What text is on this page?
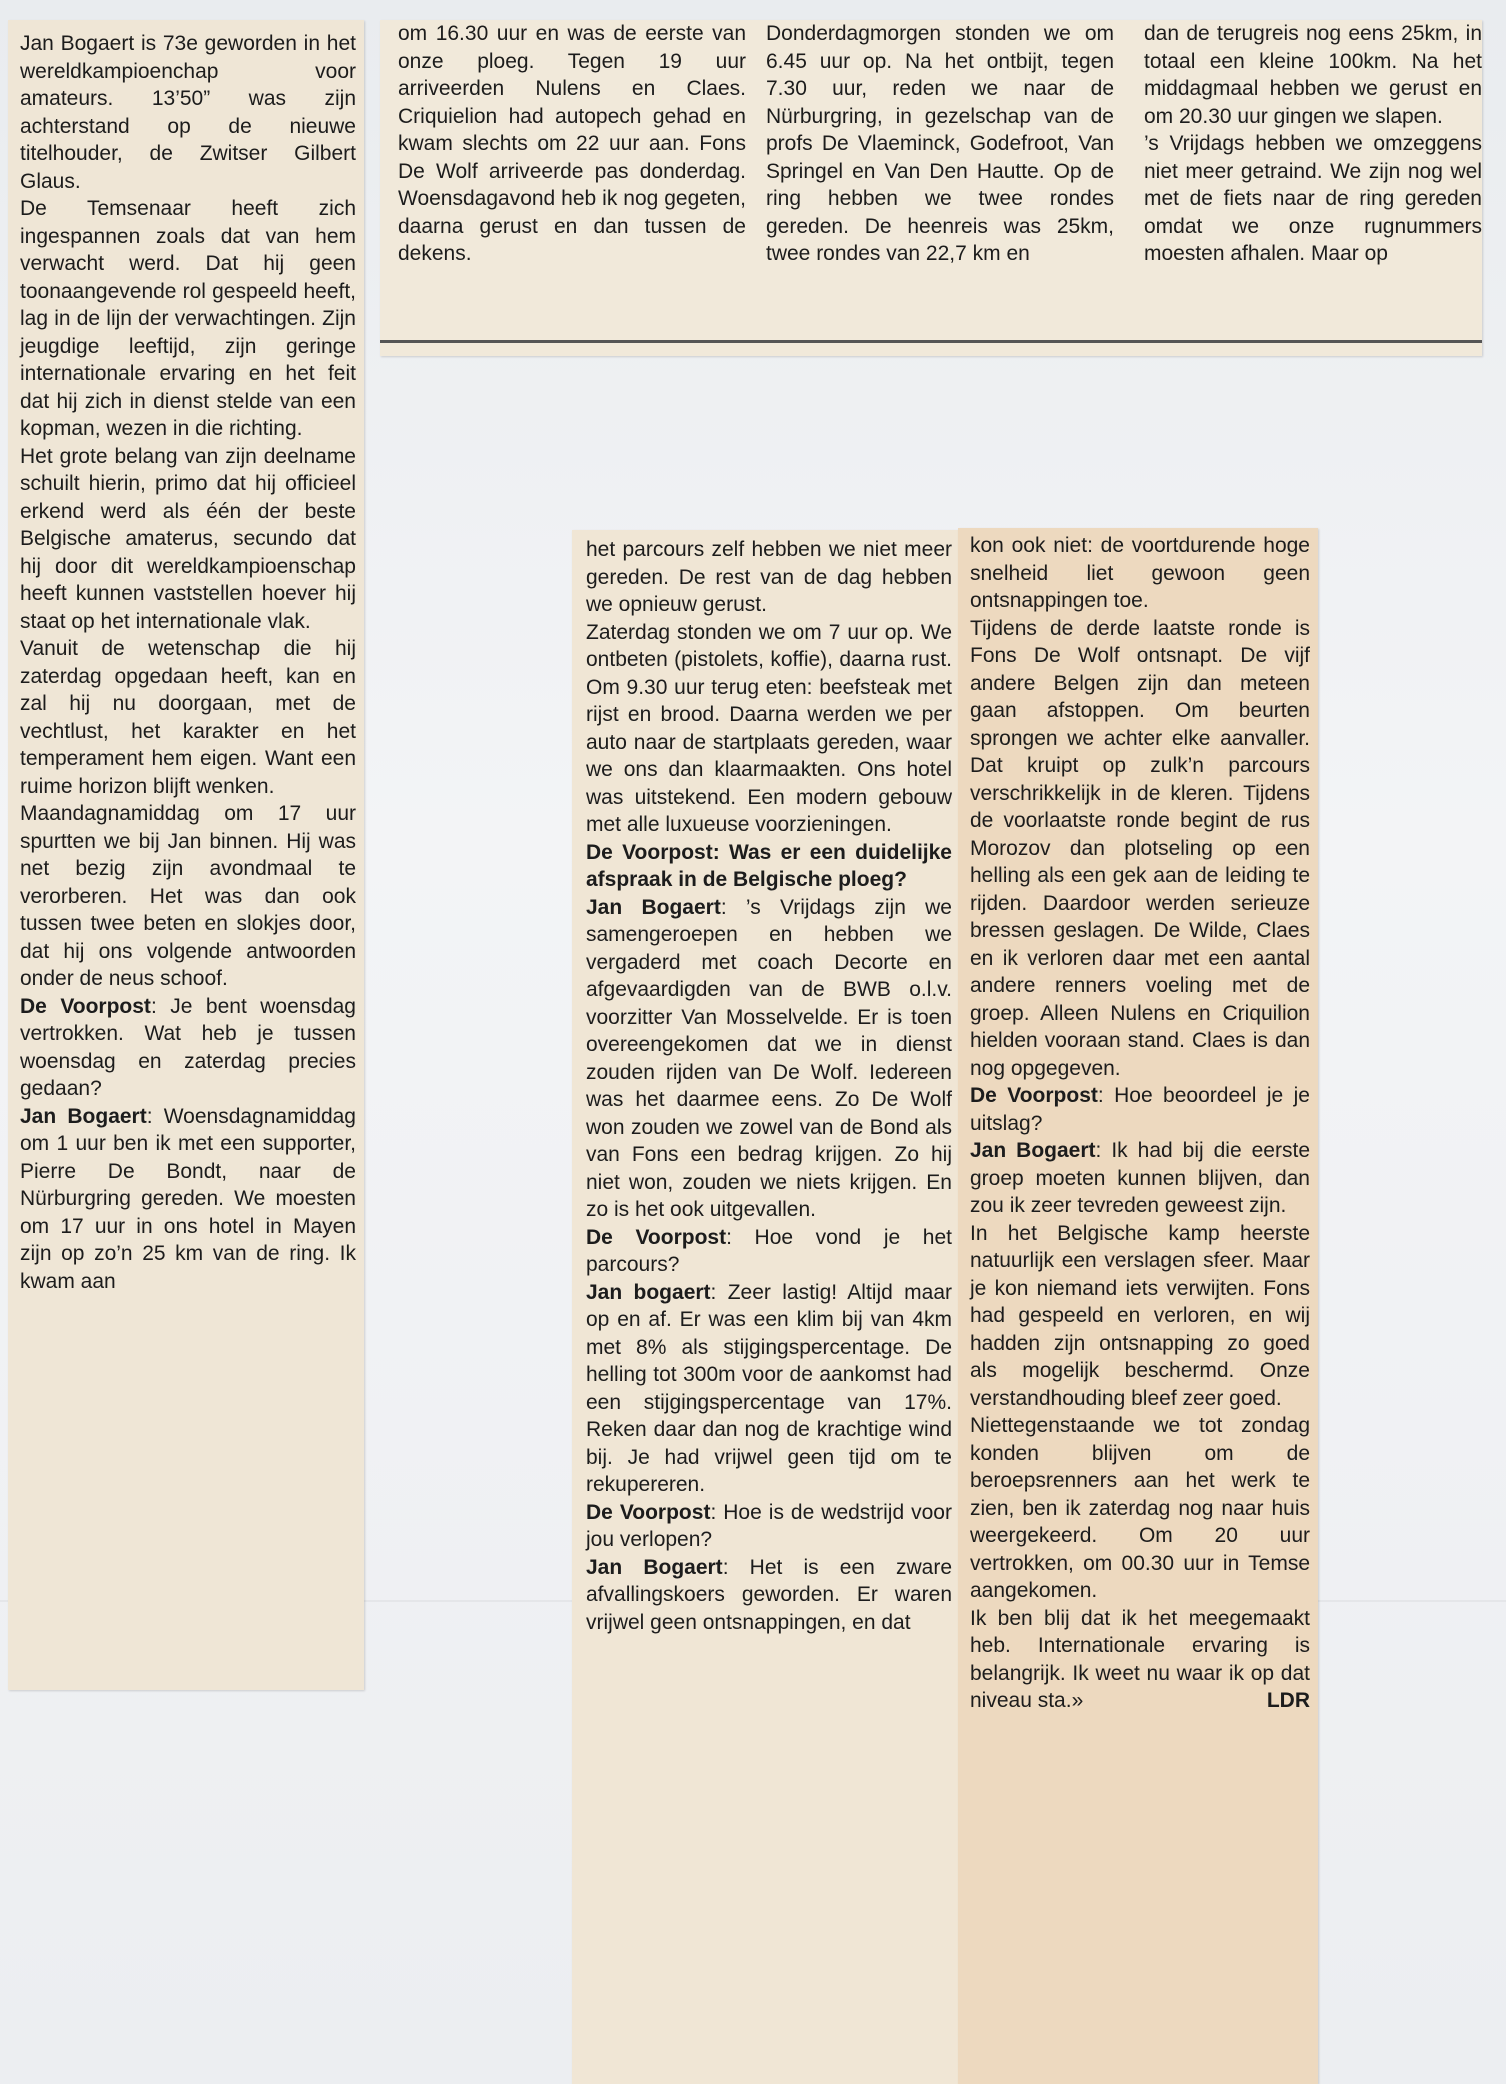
Jan Bogaert is 73e geworden in het wereldkampioenchap voor amateurs. 13’50” was zijn achterstand op de nieuwe titelhouder, de Zwitser Gilbert Glaus.

De Temsenaar heeft zich ingespannen zoals dat van hem verwacht werd. Dat hij geen toonaangevende rol gespeeld heeft, lag in de lijn der verwachtingen. Zijn jeugdige leeftijd, zijn geringe internationale ervaring en het feit dat hij zich in dienst stelde van een kopman, wezen in die richting.

Het grote belang van zijn deelname schuilt hierin, primo dat hij officieel erkend werd als één der beste Belgische amaterus, secundo dat hij door dit wereldkampioenschap heeft kunnen vaststellen hoever hij staat op het internationale vlak.

Vanuit de wetenschap die hij zaterdag opgedaan heeft, kan en zal hij nu doorgaan, met de vechtlust, het karakter en het temperament hem eigen. Want een ruime horizon blijft wenken.

Maandagnamiddag om 17 uur spurtten we bij Jan binnen. Hij was net bezig zijn avondmaal te verorberen. Het was dan ook tussen twee beten en slokjes door, dat hij ons volgende antwoorden onder de neus schoof.

De Voorpost: Je bent woensdag vertrokken. Wat heb je tussen woensdag en zaterdag precies gedaan?

Jan Bogaert: Woensdagnamiddag om 1 uur ben ik met een supporter, Pierre De Bondt, naar de Nürburgring gereden. We moesten om 17 uur in ons hotel in Mayen zijn op zo’n 25 km van de ring. Ik kwam aan

om 16.30 uur en was de eerste van onze ploeg. Tegen 19 uur arriveerden Nulens en Claes. Criquielion had autopech gehad en kwam slechts om 22 uur aan. Fons De Wolf arriveerde pas donderdag. Woensdagavond heb ik nog gegeten, daarna gerust en dan tussen de dekens.

Donderdagmorgen stonden we om 6.45 uur op. Na het ontbijt, tegen 7.30 uur, reden we naar de Nürburgring, in gezelschap van de profs De Vlaeminck, Godefroot, Van Springel en Van Den Hautte. Op de ring hebben we twee rondes gereden. De heenreis was 25km, twee rondes van 22,7 km en

dan de terugreis nog eens 25km, in totaal een kleine 100km. Na het middagmaal hebben we gerust en om 20.30 uur gingen we slapen.

’s Vrijdags hebben we omzeggens niet meer getraind. We zijn nog wel met de fiets naar de ring gereden omdat we onze rugnummers moesten afhalen. Maar op

het parcours zelf hebben we niet meer gereden. De rest van de dag hebben we opnieuw gerust.

Zaterdag stonden we om 7 uur op. We ontbeten (pistolets, koffie), daarna rust. Om 9.30 uur terug eten: beefsteak met rijst en brood. Daarna werden we per auto naar de startplaats gereden, waar we ons dan klaarmaakten. Ons hotel was uitstekend. Een modern gebouw met alle luxueuse voorzieningen.

De Voorpost: Was er een duidelijke afspraak in de Belgische ploeg?

Jan Bogaert: ’s Vrijdags zijn we samengeroepen en hebben we vergaderd met coach Decorte en afgevaardigden van de BWB o.l.v. voorzitter Van Mosselvelde. Er is toen overeengekomen dat we in dienst zouden rijden van De Wolf. Iedereen was het daarmee eens. Zo De Wolf won zouden we zowel van de Bond als van Fons een bedrag krijgen. Zo hij niet won, zouden we niets krijgen. En zo is het ook uitgevallen.

De Voorpost: Hoe vond je het parcours?

Jan bogaert: Zeer lastig! Altijd maar op en af. Er was een klim bij van 4km met 8% als stijgingspercentage. De helling tot 300m voor de aankomst had een stijgingspercentage van 17%. Reken daar dan nog de krachtige wind bij. Je had vrijwel geen tijd om te rekupereren.

De Voorpost: Hoe is de wedstrijd voor jou verlopen?

Jan Bogaert: Het is een zware afvallingskoers geworden. Er waren vrijwel geen ontsnappingen, en dat

kon ook niet: de voortdurende hoge snelheid liet gewoon geen ontsnappingen toe.

Tijdens de derde laatste ronde is Fons De Wolf ontsnapt. De vijf andere Belgen zijn dan meteen gaan afstoppen. Om beurten sprongen we achter elke aanvaller. Dat kruipt op zulk’n parcours verschrikkelijk in de kleren. Tijdens de voorlaatste ronde begint de rus Morozov dan plotseling op een helling als een gek aan de leiding te rijden. Daardoor werden serieuze bressen geslagen. De Wilde, Claes en ik verloren daar met een aantal andere renners voeling met de groep. Alleen Nulens en Criquilion hielden vooraan stand. Claes is dan nog opgegeven.

De Voorpost: Hoe beoordeel je je uitslag?

Jan Bogaert: Ik had bij die eerste groep moeten kunnen blijven, dan zou ik zeer tevreden geweest zijn.

In het Belgische kamp heerste natuurlijk een verslagen sfeer. Maar je kon niemand iets verwijten. Fons had gespeeld en verloren, en wij hadden zijn ontsnapping zo goed als mogelijk beschermd. Onze verstandhouding bleef zeer goed.

Niettegenstaande we tot zondag konden blijven om de beroepsrenners aan het werk te zien, ben ik zaterdag nog naar huis weergekeerd. Om 20 uur vertrokken, om 00.30 uur in Temse aangekomen.

Ik ben blij dat ik het meegemaakt heb. Internationale ervaring is belangrijk. Ik weet nu waar ik op dat niveau sta.»	LDR
